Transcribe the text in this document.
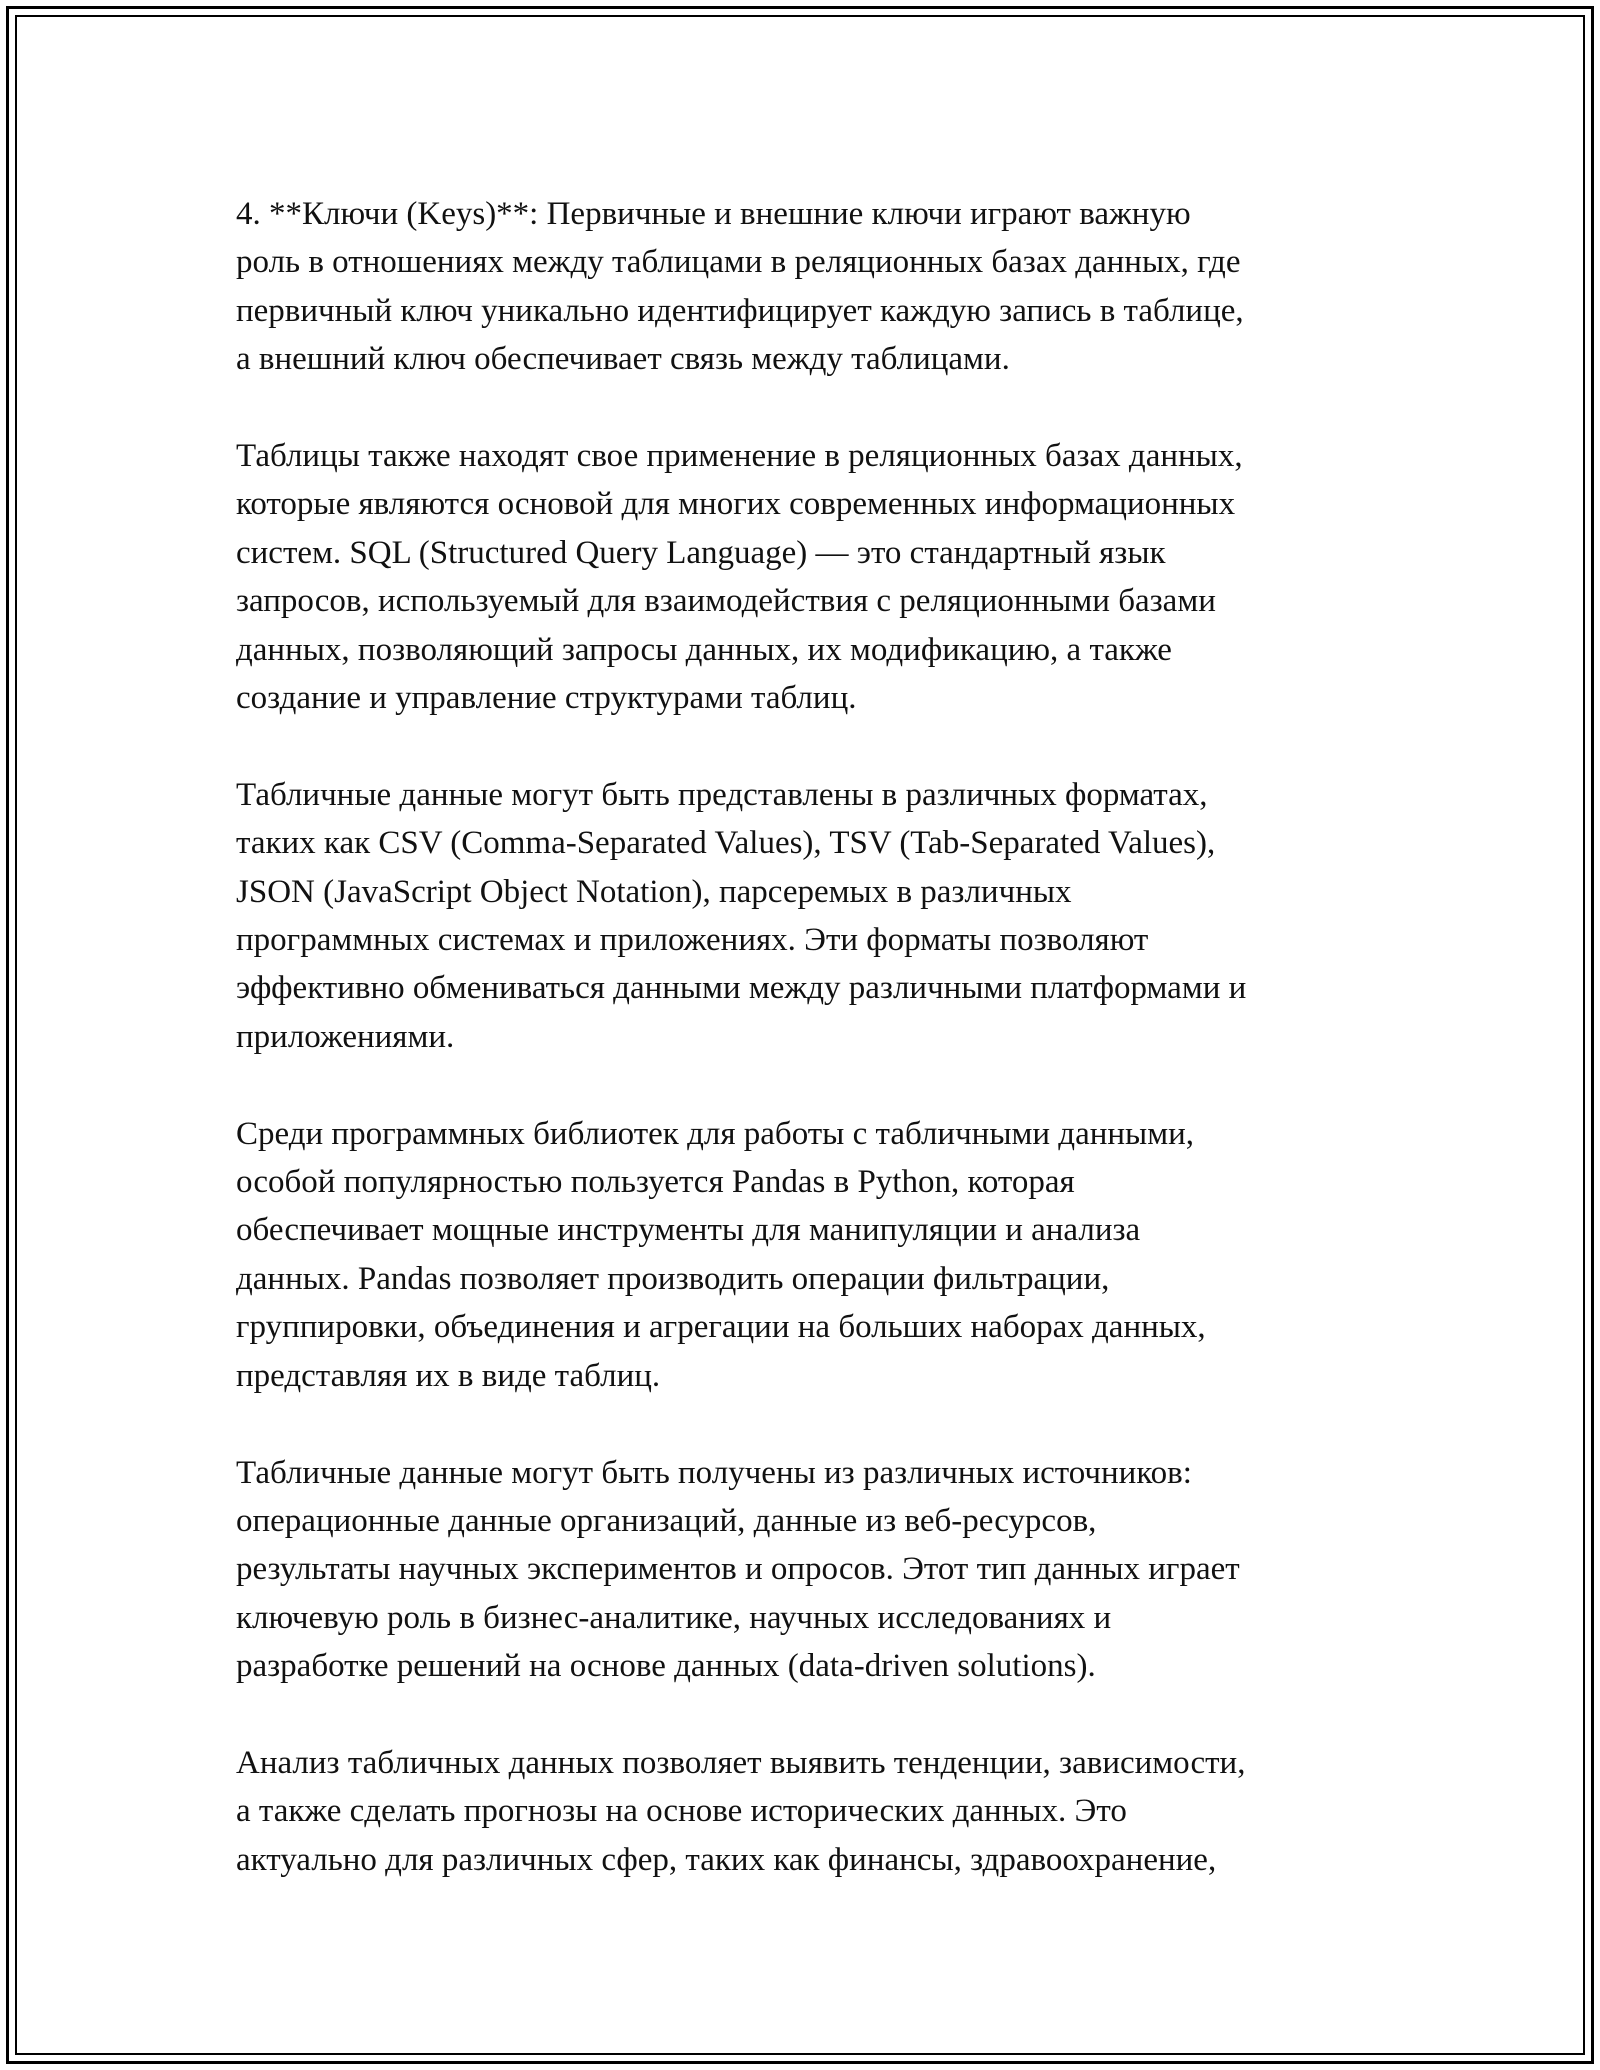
4. **Ключи (Keys)**: Первичные и внешние ключи играют важную
роль в отношениях между таблицами в реляционных базах данных, где
первичный ключ уникально идентифицирует каждую запись в таблице,
а внешний ключ обеспечивает связь между таблицами.

Таблицы также находят свое применение в реляционных базах данных,
которые являются основой для многих современных информационных
систем. SQL (Structured Query Language) — это стандартный язык
запросов, используемый для взаимодействия с реляционными базами
данных, позволяющий запросы данных, их модификацию, а также
создание и управление структурами таблиц.

Табличные данные могут быть представлены в различных форматах,
таких как CSV (Comma-Separated Values), TSV (Tab-Separated Values),
JSON (JavaScript Object Notation), парсеремых в различных
программных системах и приложениях. Эти форматы позволяют
эффективно обмениваться данными между различными платформами и
приложениями.

Среди программных библиотек для работы с табличными данными,
особой популярностью пользуется Pandas в Python, которая
обеспечивает мощные инструменты для манипуляции и анализа
данных. Pandas позволяет производить операции фильтрации,
группировки, объединения и агрегации на больших наборах данных,
представляя их в виде таблиц.

Табличные данные могут быть получены из различных источников:
операционные данные организаций, данные из веб-ресурсов,
результаты научных экспериментов и опросов. Этот тип данных играет
ключевую роль в бизнес-аналитике, научных исследованиях и
разработке решений на основе данных (data-driven solutions).

Анализ табличных данных позволяет выявить тенденции, зависимости,
а также сделать прогнозы на основе исторических данных. Это
актуально для различных сфер, таких как финансы, здравоохранение,
